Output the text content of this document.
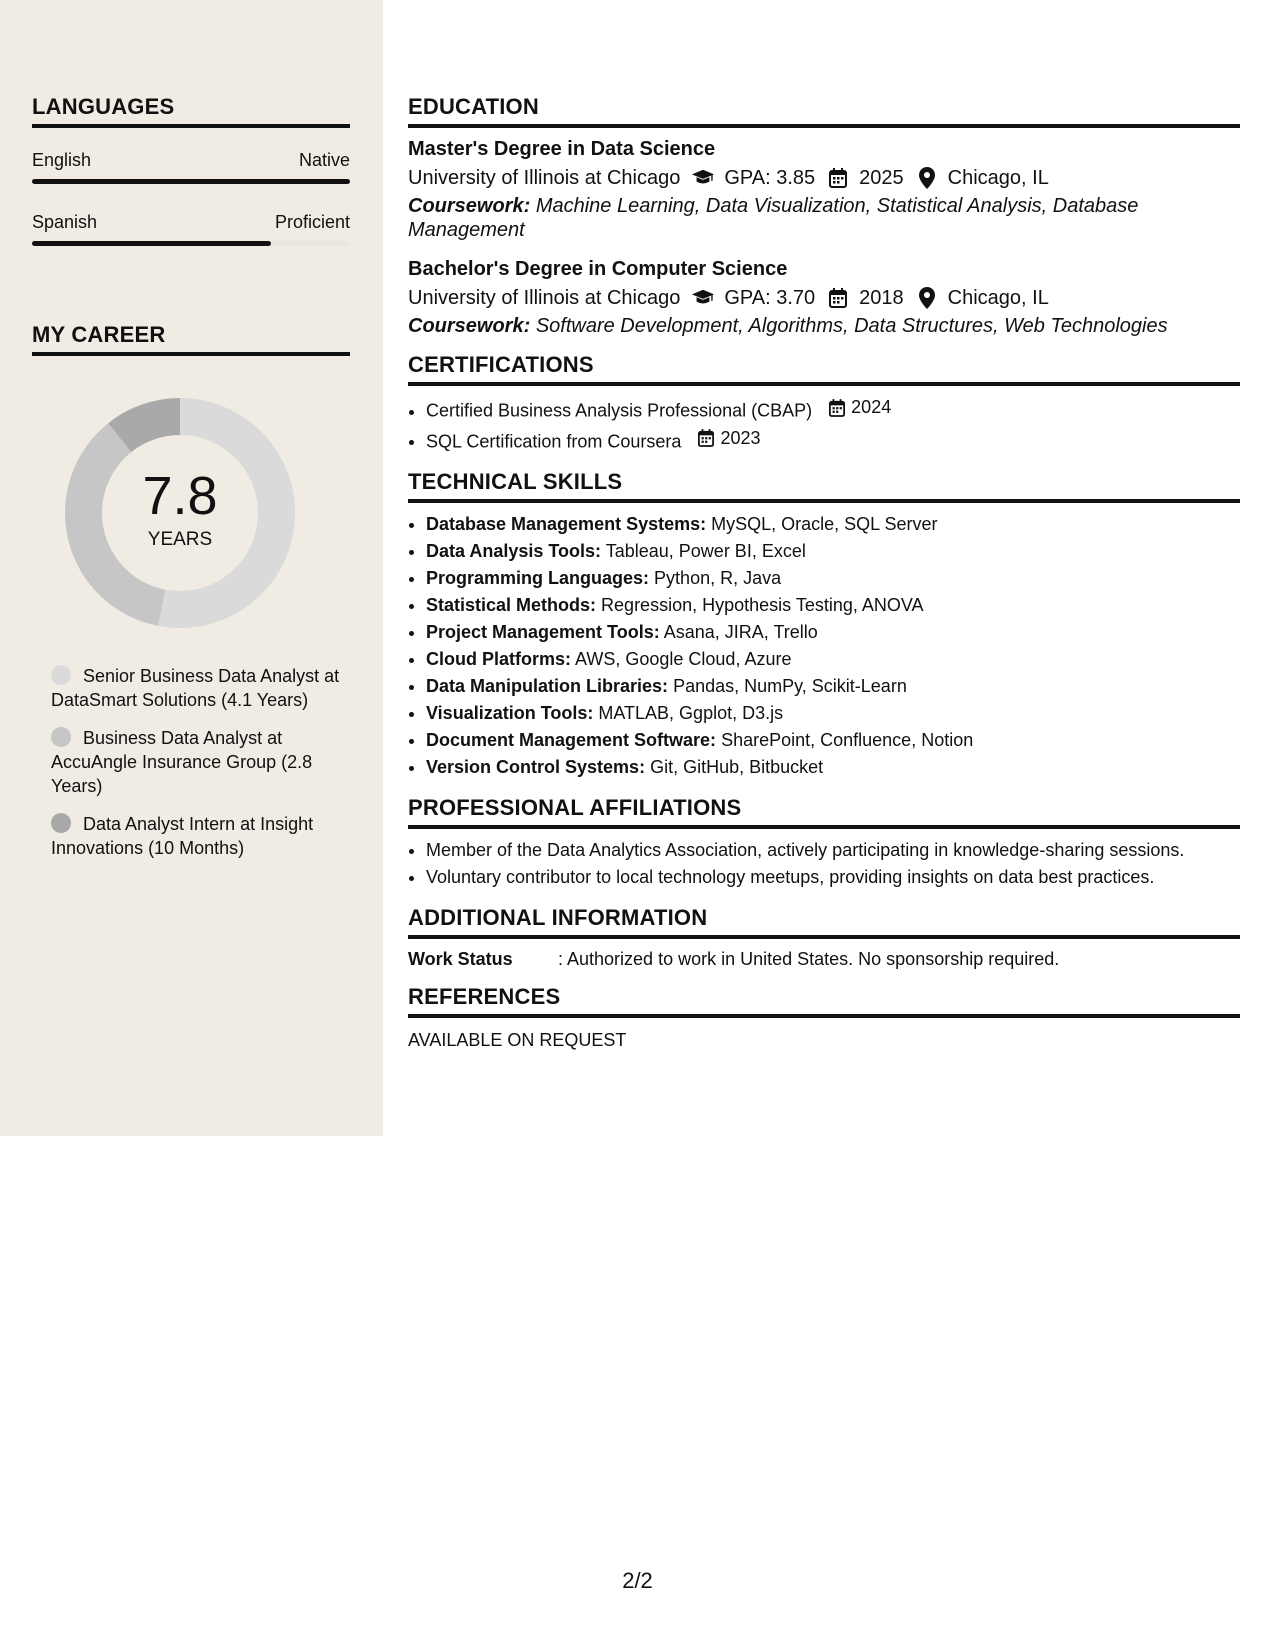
LANGUAGES
English	Native
Spanish	Proficient
MY CAREER
7.8
YEARS
Senior Business Data Analyst at DataSmart Solutions (4.1 Years)
Business Data Analyst at AccuAngle Insurance Group (2.8 Years)
Data Analyst Intern at Insight Innovations (10 Months)
EDUCATION
Master's Degree in Data Science
University of Illinois at Chicago GPA: 3.85 2025 Chicago, IL
Coursework: Machine Learning, Data Visualization, Statistical Analysis, Database Management
Bachelor's Degree in Computer Science
University of Illinois at Chicago GPA: 3.70 2018 Chicago, IL
Coursework: Software Development, Algorithms, Data Structures, Web Technologies
CERTIFICATIONS
• Certified Business Analysis Professional (CBAP) 2024
• SQL Certification from Coursera 2023
TECHNICAL SKILLS
• Database Management Systems: MySQL, Oracle, SQL Server
• Data Analysis Tools: Tableau, Power BI, Excel
• Programming Languages: Python, R, Java
• Statistical Methods: Regression, Hypothesis Testing, ANOVA
• Project Management Tools: Asana, JIRA, Trello
• Cloud Platforms: AWS, Google Cloud, Azure
• Data Manipulation Libraries: Pandas, NumPy, Scikit-Learn
• Visualization Tools: MATLAB, Ggplot, D3.js
• Document Management Software: SharePoint, Confluence, Notion
• Version Control Systems: Git, GitHub, Bitbucket
PROFESSIONAL AFFILIATIONS
• Member of the Data Analytics Association, actively participating in knowledge-sharing sessions.
• Voluntary contributor to local technology meetups, providing insights on data best practices.
ADDITIONAL INFORMATION
Work Status	: Authorized to work in United States. No sponsorship required.
REFERENCES
AVAILABLE ON REQUEST
2/2
